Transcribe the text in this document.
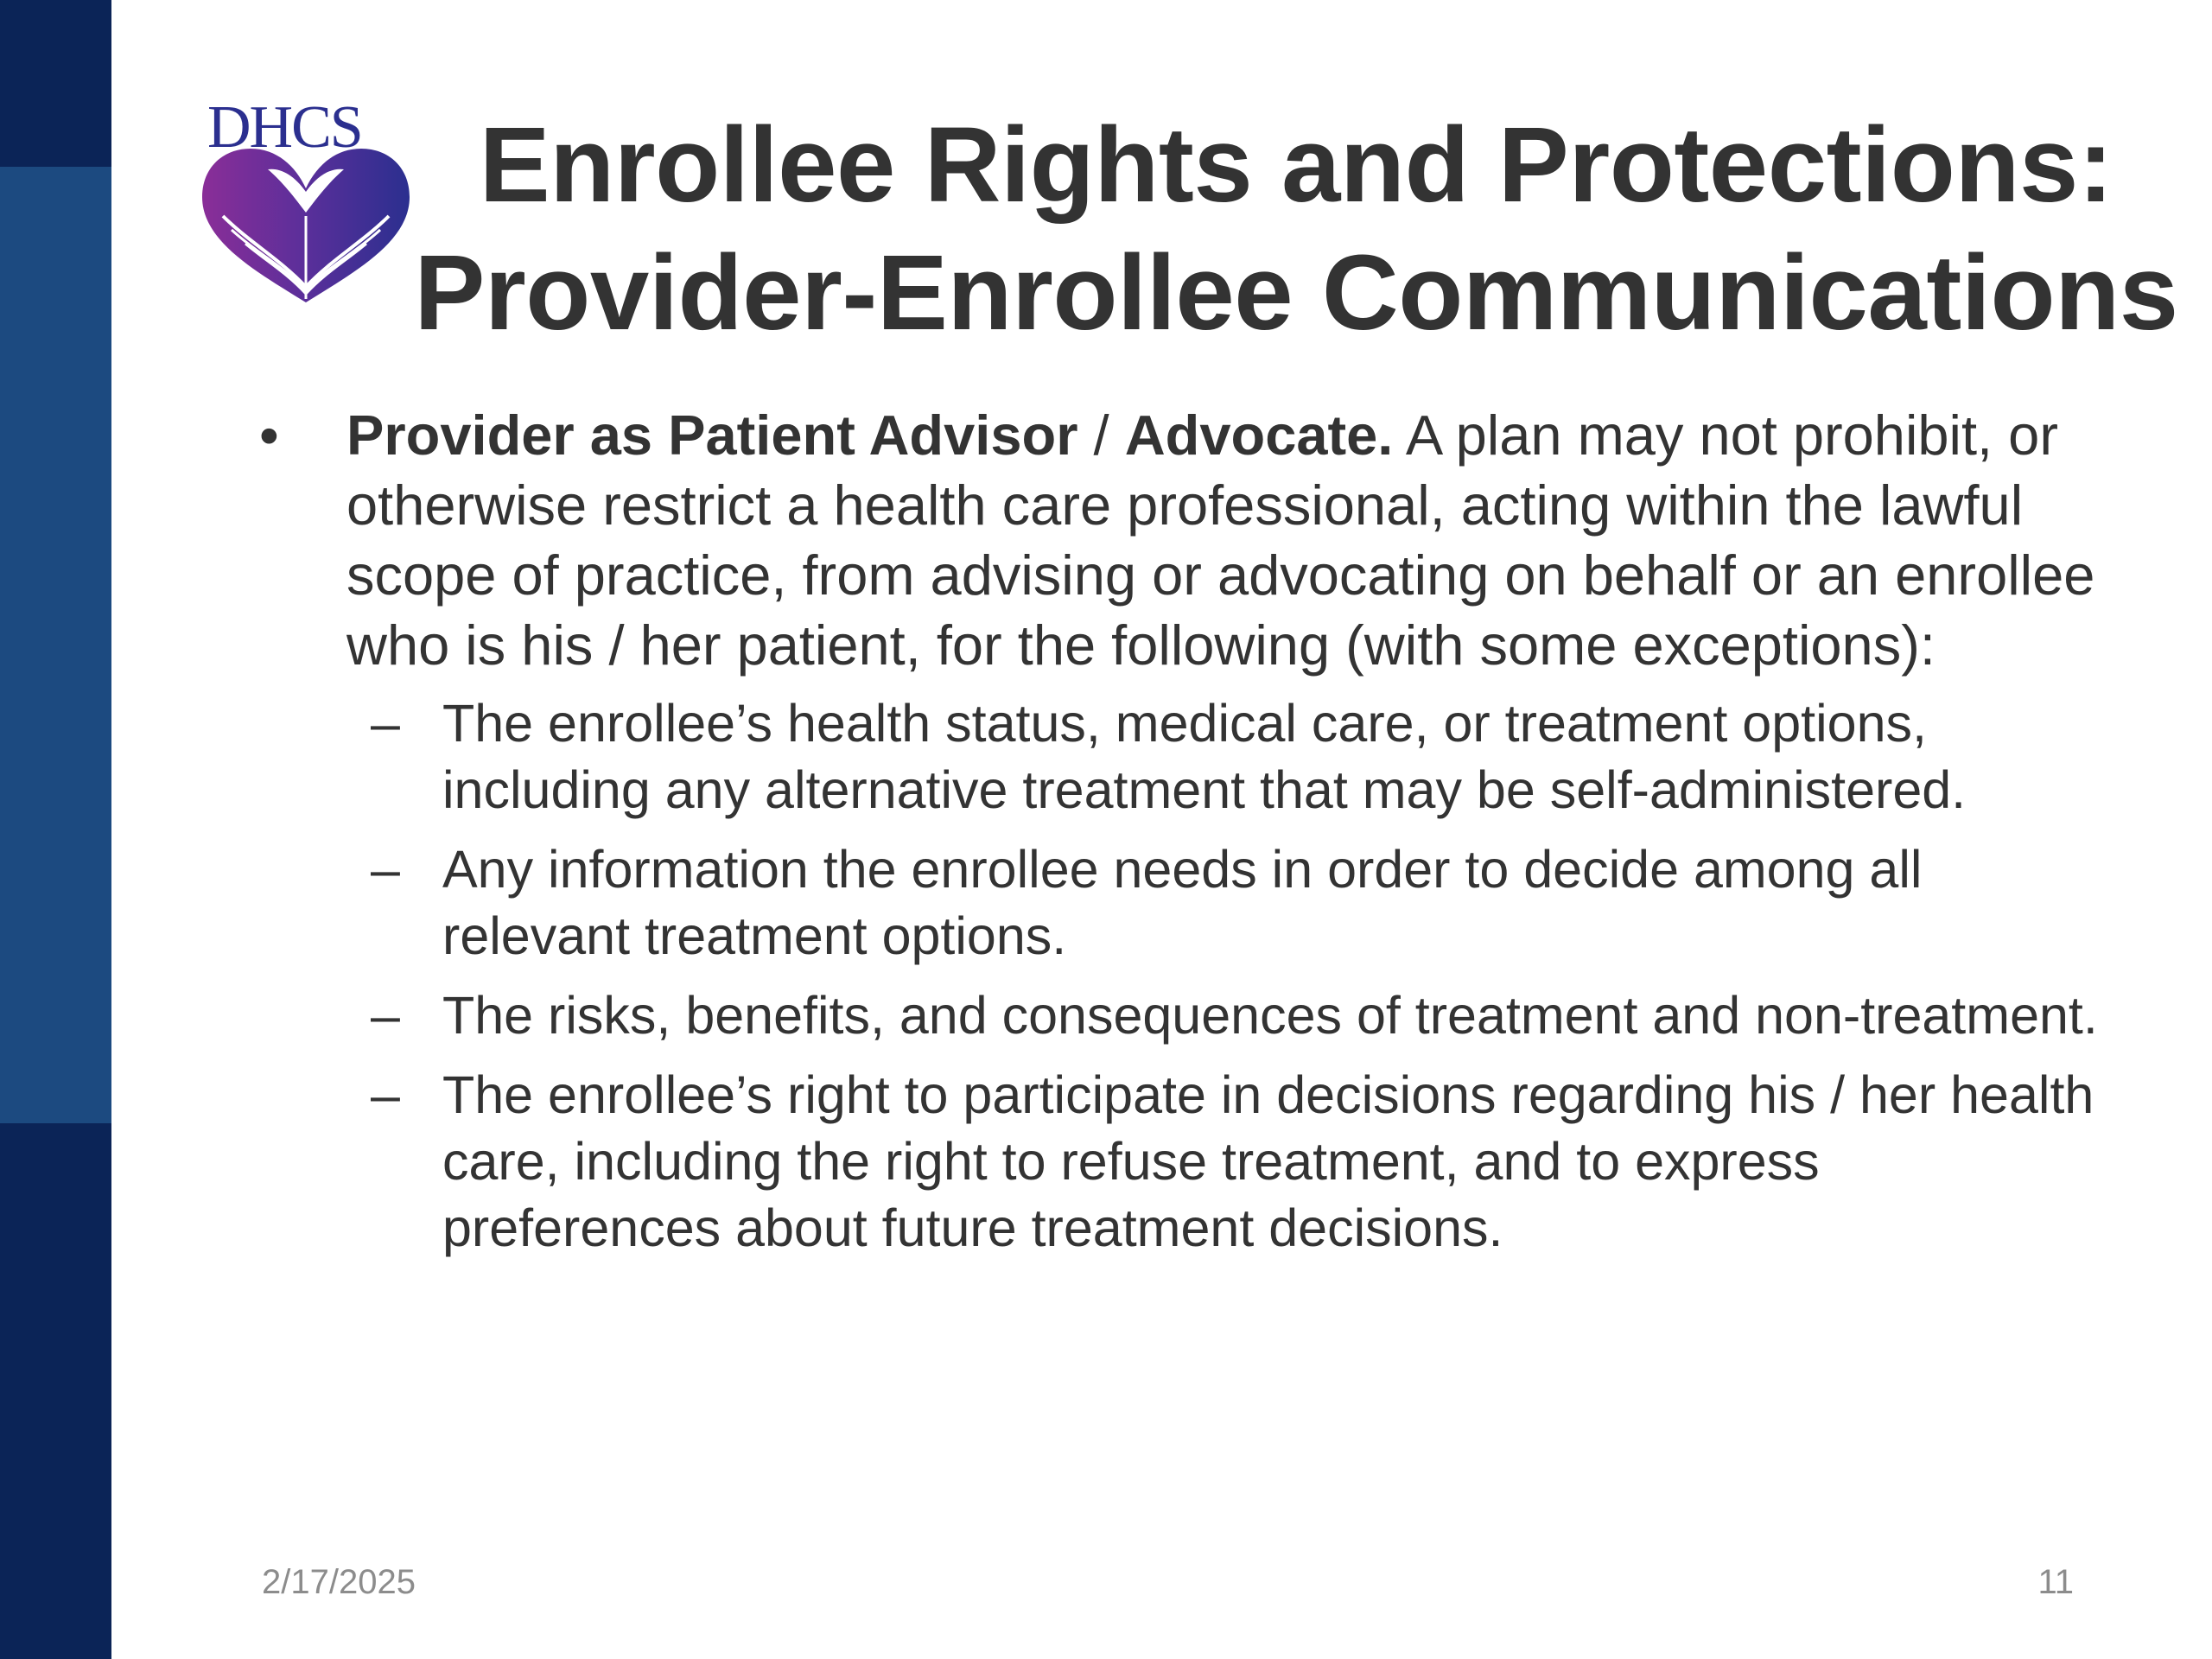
DHCS	Enrollee Rights and Protections:
Provider-Enrollee Communications
• Provider as Patient Advisor / Advocate. A plan may not prohibit, or otherwise restrict a health care professional, acting within the lawful scope of practice, from advising or advocating on behalf or an enrollee who is his / her patient, for the following (with some exceptions):
– The enrollee’s health status, medical care, or treatment options, including any alternative treatment that may be self-administered.
– Any information the enrollee needs in order to decide among all relevant treatment options.
– The risks, benefits, and consequences of treatment and non-treatment.
– The enrollee’s right to participate in decisions regarding his / her health care, including the right to refuse treatment, and to express preferences about future treatment decisions.
2/17/2025	11
